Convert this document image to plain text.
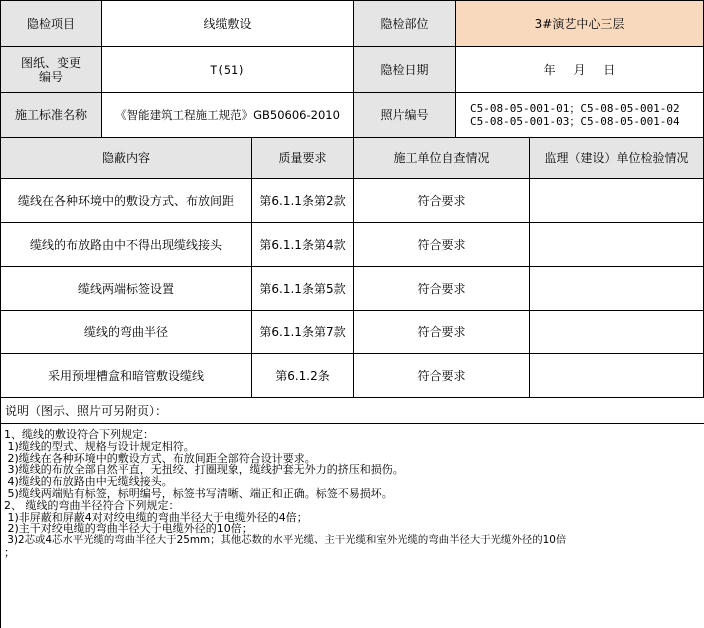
隐检项目	线缆敷设	隐检部位	3#演艺中心三层
图纸、变更
编号	T(51)	隐检日期	年 月 日
施工标准名称	《智能建筑工程施工规范》GB50606-2010	照片编号	C5-08-05-001-01；C5-08-05-001-02
C5-08-05-001-03；C5-08-05-001-04
隐蔽内容	质量要求	施工单位自查情况	监理（建设）单位检验情况
缆线在各种环境中的敷设方式、布放间距	第6.1.1条第2款	符合要求
缆线的布放路由中不得出现缆线接头	第6.1.1条第4款	符合要求
缆线两端标签设置	第6.1.1条第5款	符合要求
缆线的弯曲半径	第6.1.1条第7款	符合要求
采用预埋槽盒和暗管敷设缆线	第6.1.2条	符合要求
说明（图示、照片可另附页）：
1、缆线的敷设符合下列规定：
1)缆线的型式、规格与设计规定相符。
2)缆线在各种环境中的敷设方式、布放间距全部符合设计要求。
3)缆线的布放全部自然平直，无扭绞、打圈现象，缆线护套无外力的挤压和损伤。
4)缆线的布放路由中无缆线接头。
5)缆线两端贴有标签，标明编号，标签书写清晰、端正和正确。标签不易损坏。
2、 缆线的弯曲半径符合下列规定：
1)非屏蔽和屏蔽4对对绞电缆的弯曲半径大于电缆外径的4倍；
2)主干对绞电缆的弯曲半径大于电缆外径的10倍；
3)2芯或4芯水平光缆的弯曲半径大于25mm；其他芯数的水平光缆、主干光缆和室外光缆的弯曲半径大于光缆外径的10倍
；
